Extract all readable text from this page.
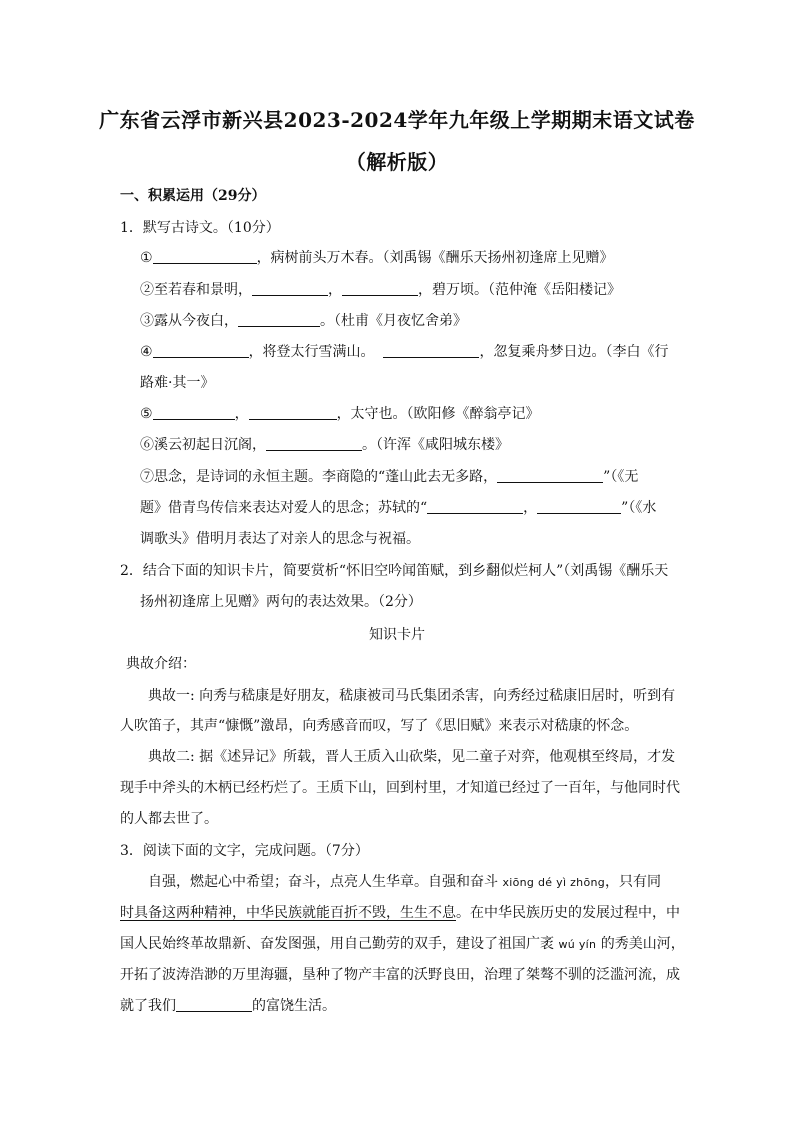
广东省云浮市新兴县2023-2024学年九年级上学期期末语文试卷
（解析版）
一、积累运用（29分）
1．默写古诗文。（10分）
①	，病树前头万木春。（刘禹锡《酬乐天扬州初逢席上见赠》
②至若春和景明，	，	，碧万顷。（范仲淹《岳阳楼记》
③露从今夜白，	。（杜甫《月夜忆舍弟》
④	，将登太行雪满山。	，忽复乘舟梦日边。（李白《行
路难·其一》
⑤	，	，太守也。（欧阳修《醉翁亭记》
⑥溪云初起日沉阁，	。（许浑《咸阳城东楼》
⑦思念，是诗词的永恒主题。李商隐的“蓬山此去无多路，	”（《无
题》借青鸟传信来表达对爱人的思念；苏轼的“	，	”（《水
调歌头》借明月表达了对亲人的思念与祝福。
2．结合下面的知识卡片，简要赏析“怀旧空吟闻笛赋，到乡翻似烂柯人”（刘禹锡《酬乐天
扬州初逢席上见赠》两句的表达效果。（2分）
知识卡片
典故介绍：
典故一: 向秀与嵇康是好朋友，嵇康被司马氏集团杀害，向秀经过嵇康旧居时，听到有
人吹笛子，其声“慷慨”激昂，向秀感音而叹，写了《思旧赋》来表示对嵇康的怀念。
典故二: 据《述异记》所载，晋人王质入山砍柴，见二童子对弈，他观棋至终局，才发
现手中斧头的木柄已经朽烂了。王质下山，回到村里，才知道已经过了一百年，与他同时代
的人都去世了。
3．阅读下面的文字，完成问题。（7分）
自强，燃起心中希望；奋斗，点亮人生华章。自强和奋斗 xiōng dé yì zhōng，只有同
时具备这两种精神，中华民族就能百折不毁，生生不息。在中华民族历史的发展过程中，中
国人民始终革故鼎新、奋发图强，用自己勤劳的双手，建设了祖国广袤 wú yín 的秀美山河，
开拓了波涛浩渺的万里海疆，垦种了物产丰富的沃野良田，治理了桀骜不驯的泛滥河流，成
就了我们	的富饶生活。
